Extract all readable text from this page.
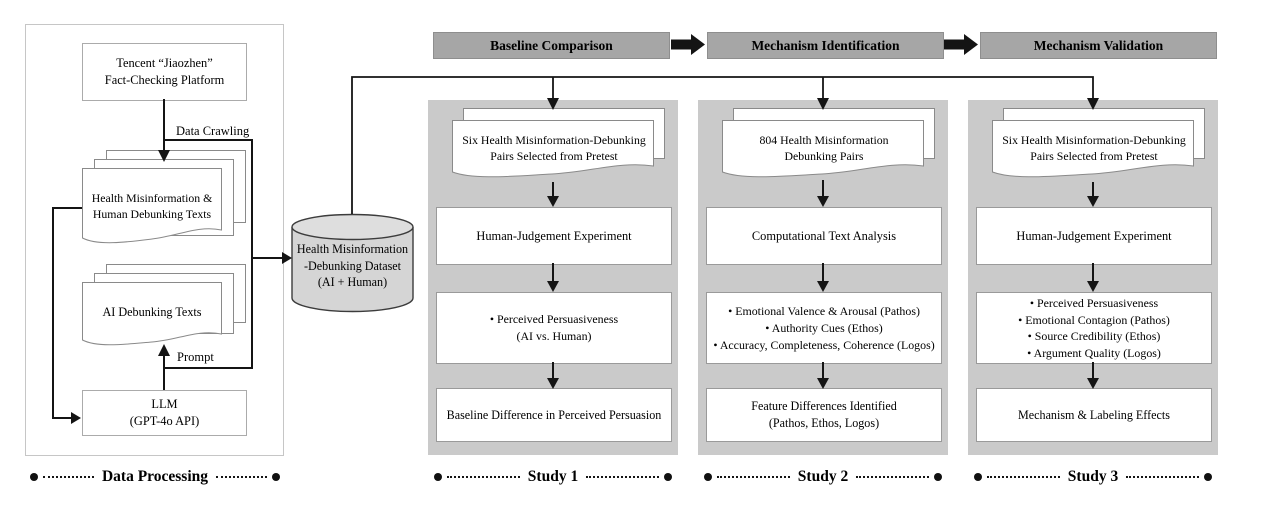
Baseline Comparison	Mechanism Identification	Mechanism Validation
Tencent “Jiaozhen”
Fact-Checking Platform
Data Crawling
Health Misinformation &
Human Debunking Texts
AI Debunking Texts
Prompt
LLM
(GPT-4o API)
Health Misinformation
-Debunking Dataset
(AI + Human)
Six Health Misinformation-Debunking
Pairs Selected from Pretest
Human-Judgement Experiment
• Perceived Persuasiveness
(AI vs. Human)
Baseline Difference in Perceived Persuasion
804 Health Misinformation
Debunking Pairs
Computational Text Analysis
• Emotional Valence & Arousal (Pathos)
• Authority Cues (Ethos)
• Accuracy, Completeness, Coherence (Logos)
Feature Differences Identified
(Pathos, Ethos, Logos)
Six Health Misinformation-Debunking
Pairs Selected from Pretest
Human-Judgement Experiment
• Perceived Persuasiveness
• Emotional Contagion (Pathos)
• Source Credibility (Ethos)
• Argument Quality (Logos)
Mechanism & Labeling Effects
Data Processing	Study 1	Study 2	Study 3
